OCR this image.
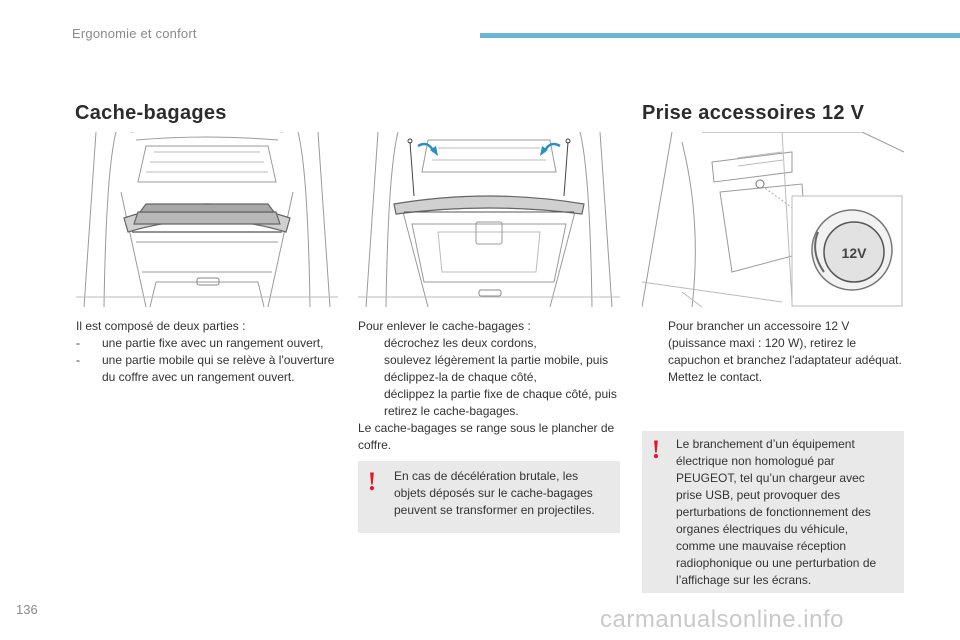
Ergonomie et confort
Cache-bagages	Prise accessoires 12 V
12V

Il est composé de deux parties :

-	une partie fixe avec un rangement ouvert,
-	une partie mobile qui se relève à l'ouverture du coffre avec un rangement ouvert.

Pour enlever le cache-bagages :

décrochez les deux cordons,
soulevez légèrement la partie mobile, puis déclippez-la de chaque côté,
déclippez la partie fixe de chaque côté, puis retirez le cache-bagages.

Le cache-bagages se range sous le plancher de coffre.

! En cas de décélération brutale, les objets déposés sur le cache-bagages peuvent se transformer en projectiles.
Pour brancher un accessoire 12 V (puissance maxi : 120 W), retirez le capuchon et branchez l'adaptateur adéquat.
Mettez le contact.
! Le branchement d’un équipement électrique non homologué par PEUGEOT, tel qu’un chargeur avec prise USB, peut provoquer des perturbations de fonctionnement des organes électriques du véhicule, comme une mauvaise réception radiophonique ou une perturbation de l’affichage sur les écrans.
136	carmanualsonline.info
